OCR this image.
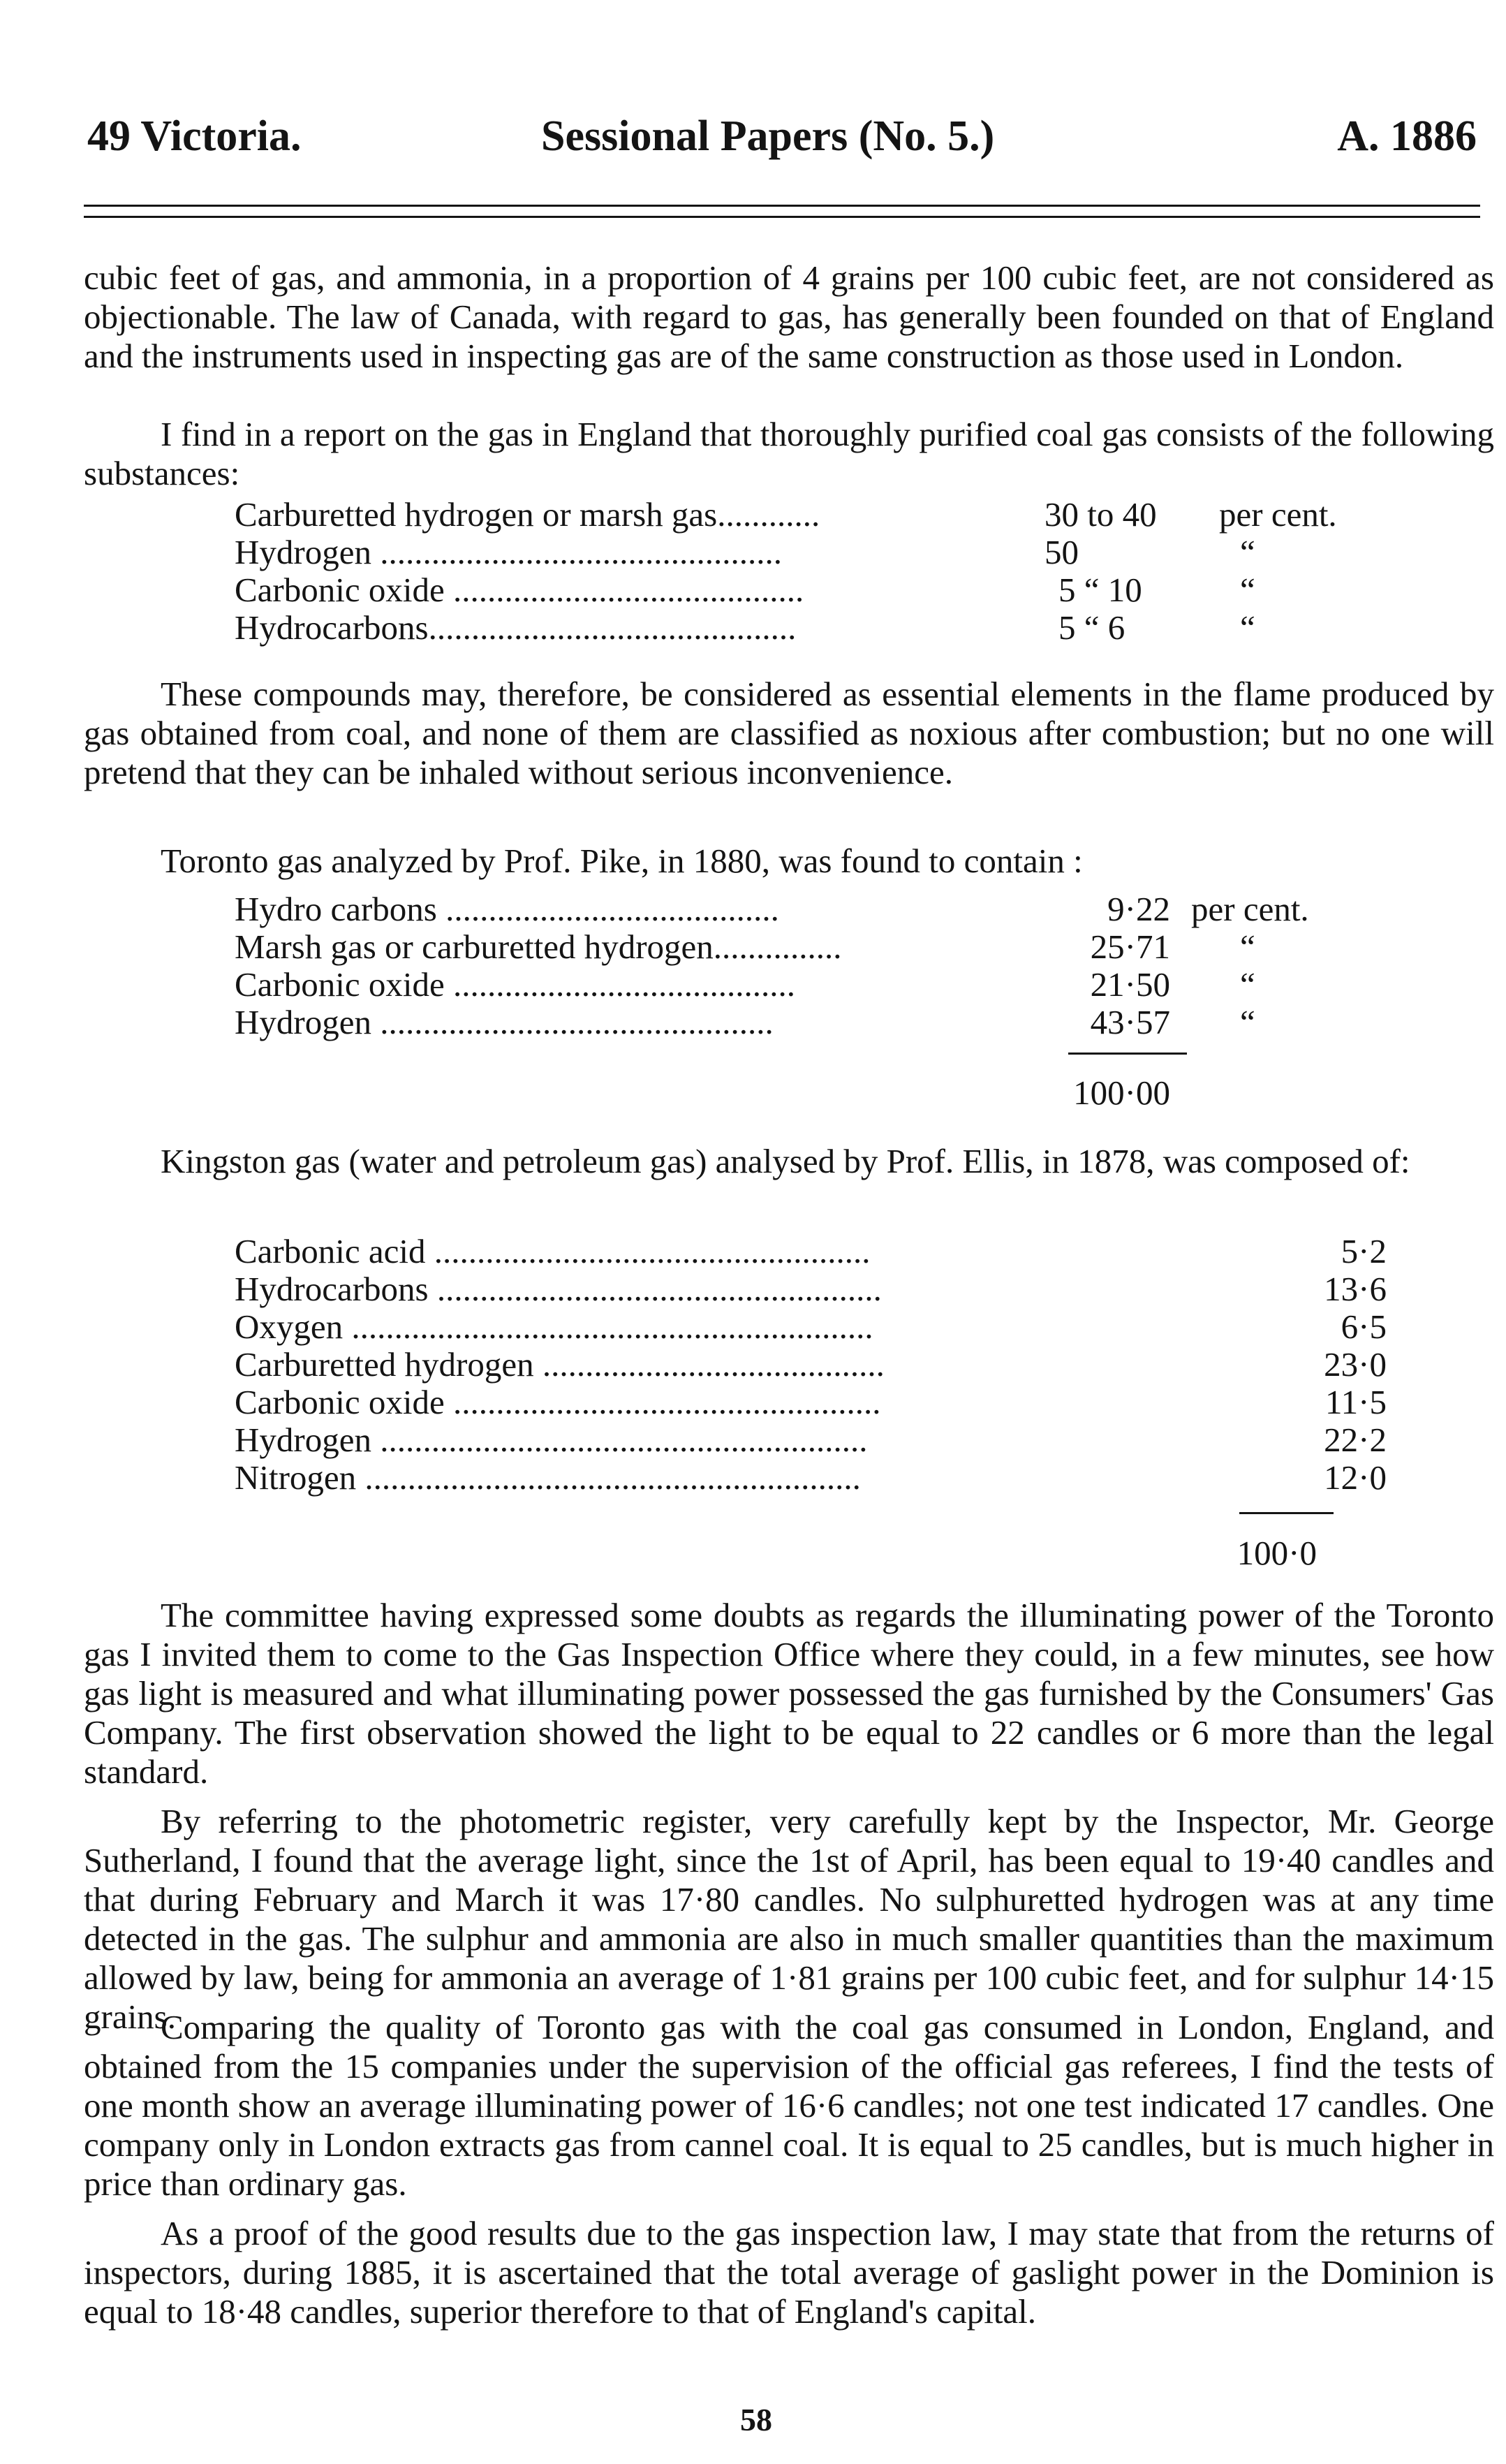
49 Victoria.	Sessional Papers (No. 5.)	A. 1886

cubic feet of gas, and ammonia, in a proportion of 4 grains per 100 cubic feet, are not considered as objectionable. The law of Canada, with regard to gas, has generally been founded on that of England and the instruments used in inspecting gas are of the same construction as those used in London.

I find in a report on the gas in England that thoroughly purified coal gas consists of the following substances:

Carburetted hydrogen or marsh gas............	30 to 40	per cent.
Hydrogen ...............................................	50	“
Carbonic oxide .........................................	5 “ 10	“
Hydrocarbons...........................................	5 “ 6	“

These compounds may, therefore, be considered as essential elements in the flame produced by gas obtained from coal, and none of them are classified as noxious after combustion; but no one will pretend that they can be inhaled without serious inconvenience.

Toronto gas analyzed by Prof. Pike, in 1880, was found to contain :

Hydro carbons .......................................	9·22 per cent.
Marsh gas or carburetted hydrogen...............	25·71 “
Carbonic oxide ........................................	21·50 “
Hydrogen ..............................................	43·57 “
100·00

Kingston gas (water and petroleum gas) analysed by Prof. Ellis, in 1878, was composed of:

Carbonic acid ...................................................	5·2
Hydrocarbons ....................................................	13·6
Oxygen .............................................................	6·5
Carburetted hydrogen ........................................	23·0
Carbonic oxide ..................................................	11·5
Hydrogen .........................................................	22·2
Nitrogen ..........................................................	12·0
100·0

The committee having expressed some doubts as regards the illuminating power of the Toronto gas I invited them to come to the Gas Inspection Office where they could, in a few minutes, see how gas light is measured and what illuminating power possessed the gas furnished by the Consumers' Gas Company. The first observation showed the light to be equal to 22 candles or 6 more than the legal standard.

By referring to the photometric register, very carefully kept by the Inspector, Mr. George Sutherland, I found that the average light, since the 1st of April, has been equal to 19·40 candles and that during February and March it was 17·80 candles. No sulphuretted hydrogen was at any time detected in the gas. The sulphur and ammonia are also in much smaller quantities than the maximum allowed by law, being for ammonia an average of 1·81 grains per 100 cubic feet, and for sulphur 14·15 grains.

Comparing the quality of Toronto gas with the coal gas consumed in London, England, and obtained from the 15 companies under the supervision of the official gas referees, I find the tests of one month show an average illuminating power of 16·6 candles; not one test indicated 17 candles. One company only in London extracts gas from cannel coal. It is equal to 25 candles, but is much higher in price than ordinary gas.

As a proof of the good results due to the gas inspection law, I may state that from the returns of inspectors, during 1885, it is ascertained that the total average of gaslight power in the Dominion is equal to 18·48 candles, superior therefore to that of England's capital.

58
